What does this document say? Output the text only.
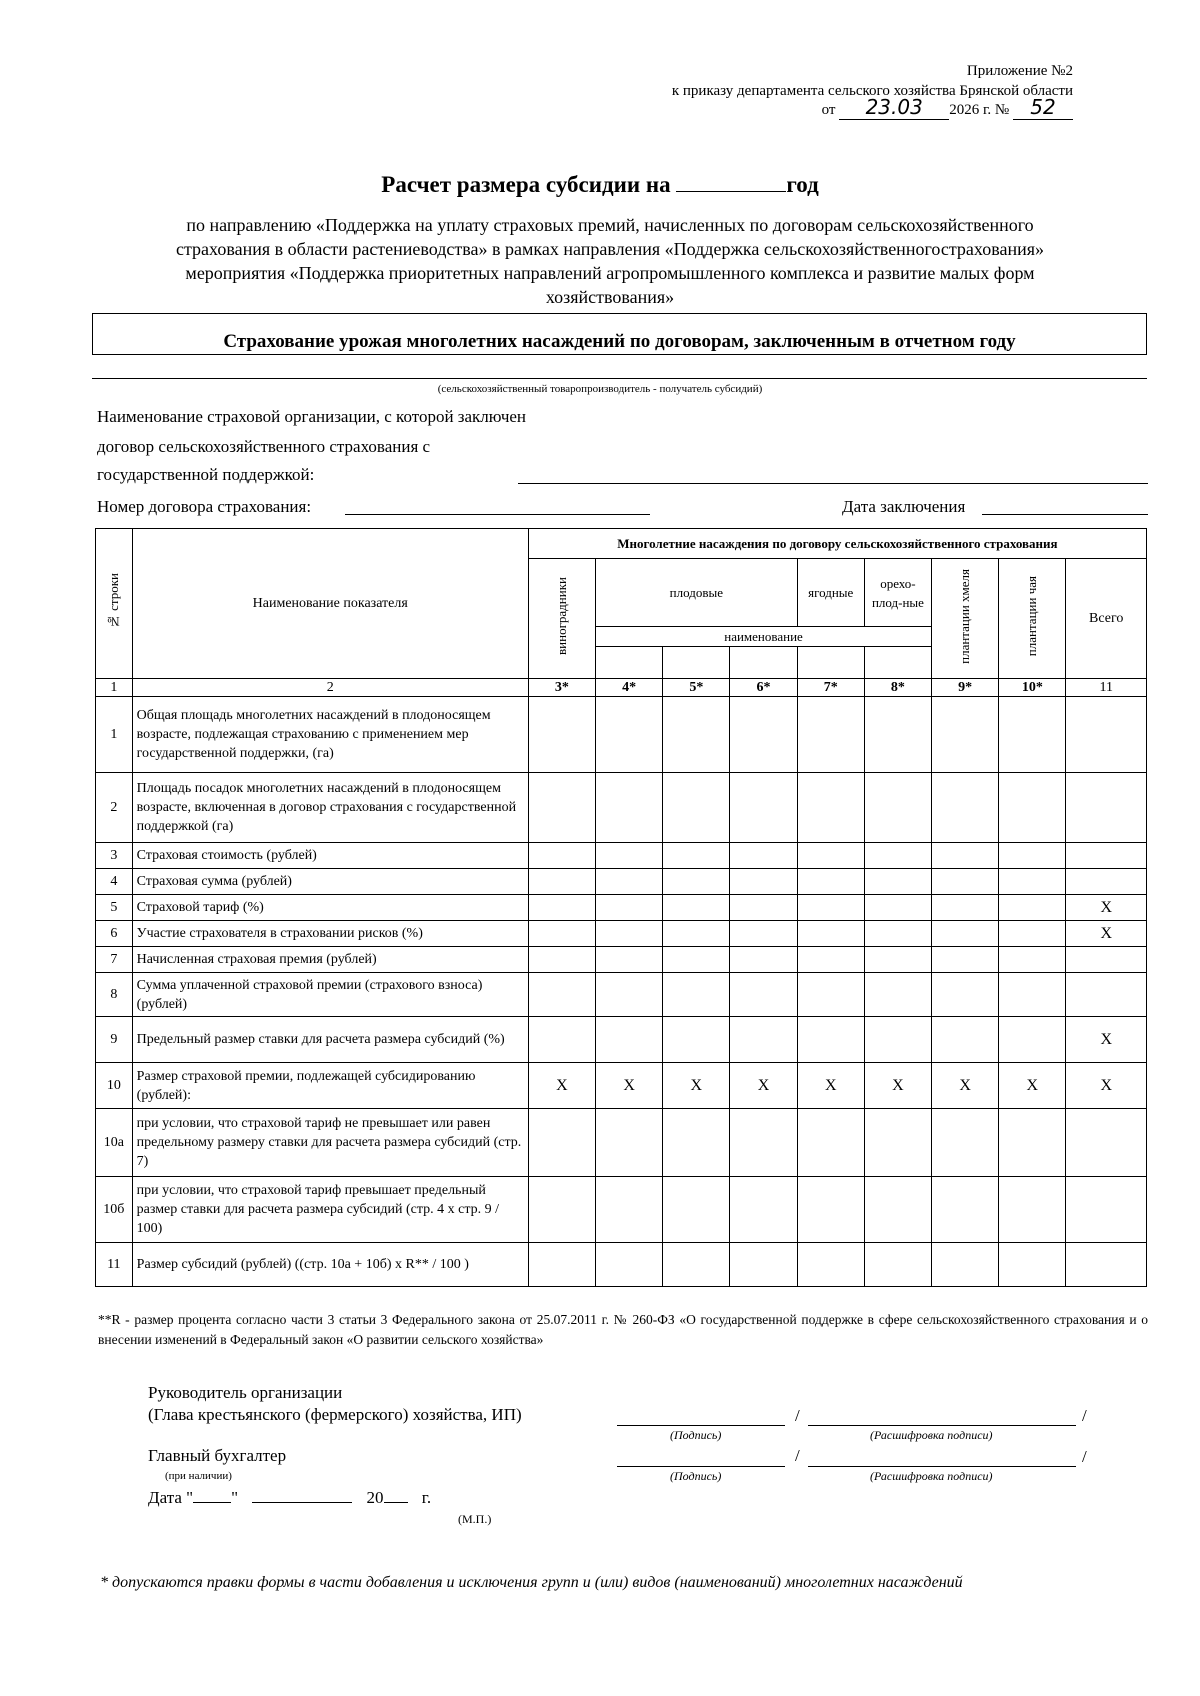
Приложение №2
к приказу департамента сельского хозяйства Брянской области
от 23.03 2026 г. № 52
Расчет размера субсидии на	год
по направлению «Поддержка на уплату страховых премий, начисленных по договорам сельскохозяйственного
страхования в области растениеводства» в рамках направления «Поддержка сельскохозяйственногострахования»
мероприятия «Поддержка приоритетных направлений агропромышленного комплекса и развитие малых форм
хозяйствования»
Страхование урожая многолетних насаждений по договорам, заключенным в отчетном году
(сельскохозяйственный товаропроизводитель - получатель субсидий)
Наименование страховой организации, с которой заключен
договор сельскохозяйственного страхования с
государственной поддержкой:
Номер договора страхования:	Дата заключения
№ строки	Наименование показателя	Многолетние насаждения по договору сельскохозяйственного страхования								
		виноградники	плодовые			ягодные	орехо-плод-ные	плантации хмеля	плантации чая	Всего
			наименование							

1	2	3*	4*	5*	6*	7*	8*	9*	10*	11
1	Общая площадь многолетних насаждений в плодоносящем возрасте, подлежащая страхованию с применением мер государственной поддержки, (га)									
2	Площадь посадок многолетних насаждений в плодоносящем возрасте, включенная в договор страхования с государственной поддержкой (га)									
3	Страховая стоимость (рублей)									
4	Страховая сумма (рублей)									
5	Страховой тариф (%)									X
6	Участие страхователя в страховании рисков (%)									X
7	Начисленная страховая премия (рублей)									
8	Сумма уплаченной страховой премии (страхового взноса) (рублей)									
9	Предельный размер ставки для расчета размера субсидий (%)									X
10	Размер страховой премии, подлежащей субсидированию (рублей):	X	X	X	X	X	X	X	X	X
10а	при условии, что страховой тариф не превышает или равен предельному размеру ставки для расчета размера субсидий (стр. 7)									
10б	при условии, что страховой тариф превышает предельный размер ставки для расчета размера субсидий (стр. 4 x стр. 9 / 100)									
11	Размер субсидий (рублей) ((стр. 10а + 10б) x R** / 100 )									
**R - размер процента согласно части 3 статьи 3 Федерального закона от 25.07.2011 г. № 260-ФЗ «О государственной поддержке в сфере сельскохозяйственного страхования и о внесении изменений в Федеральный закон «О развитии сельского хозяйства»
Руководитель организации
(Глава крестьянского (фермерского) хозяйства, ИП)	/	/
(Подпись)	(Расшифровка подписи)
Главный бухгалтер
(при наличии)
/	/
(Подпись)	(Расшифровка подписи)
Дата " "	20 г.
(М.П.)
* допускаются правки формы в части добавления и исключения групп и (или) видов (наименований) многолетних насаждений
